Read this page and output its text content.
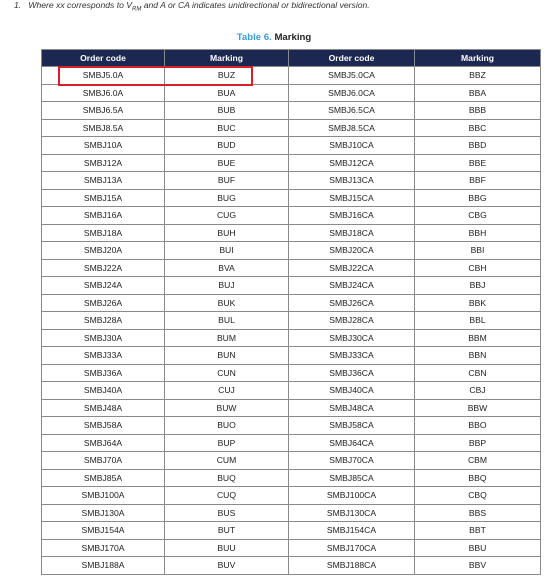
1. Where xx corresponds to $V_{RM}$ and A or CA indicates unidirectional or bidirectional version.
Table 6. Marking
Order code	Marking	Order code	Marking
SMBJ5.0A	BUZ	SMBJ5.0CA	BBZ
SMBJ6.0A	BUA	SMBJ6.0CA	BBA
SMBJ6.5A	BUB	SMBJ6.5CA	BBB
SMBJ8.5A	BUC	SMBJ8.5CA	BBC
SMBJ10A	BUD	SMBJ10CA	BBD
SMBJ12A	BUE	SMBJ12CA	BBE
SMBJ13A	BUF	SMBJ13CA	BBF
SMBJ15A	BUG	SMBJ15CA	BBG
SMBJ16A	CUG	SMBJ16CA	CBG
SMBJ18A	BUH	SMBJ18CA	BBH
SMBJ20A	BUI	SMBJ20CA	BBI
SMBJ22A	BVA	SMBJ22CA	CBH
SMBJ24A	BUJ	SMBJ24CA	BBJ
SMBJ26A	BUK	SMBJ26CA	BBK
SMBJ28A	BUL	SMBJ28CA	BBL
SMBJ30A	BUM	SMBJ30CA	BBM
SMBJ33A	BUN	SMBJ33CA	BBN
SMBJ36A	CUN	SMBJ36CA	CBN
SMBJ40A	CUJ	SMBJ40CA	CBJ
SMBJ48A	BUW	SMBJ48CA	BBW
SMBJ58A	BUO	SMBJ58CA	BBO
SMBJ64A	BUP	SMBJ64CA	BBP
SMBJ70A	CUM	SMBJ70CA	CBM
SMBJ85A	BUQ	SMBJ85CA	BBQ
SMBJ100A	CUQ	SMBJ100CA	CBQ
SMBJ130A	BUS	SMBJ130CA	BBS
SMBJ154A	BUT	SMBJ154CA	BBT
SMBJ170A	BUU	SMBJ170CA	BBU
SMBJ188A	BUV	SMBJ188CA	BBV
